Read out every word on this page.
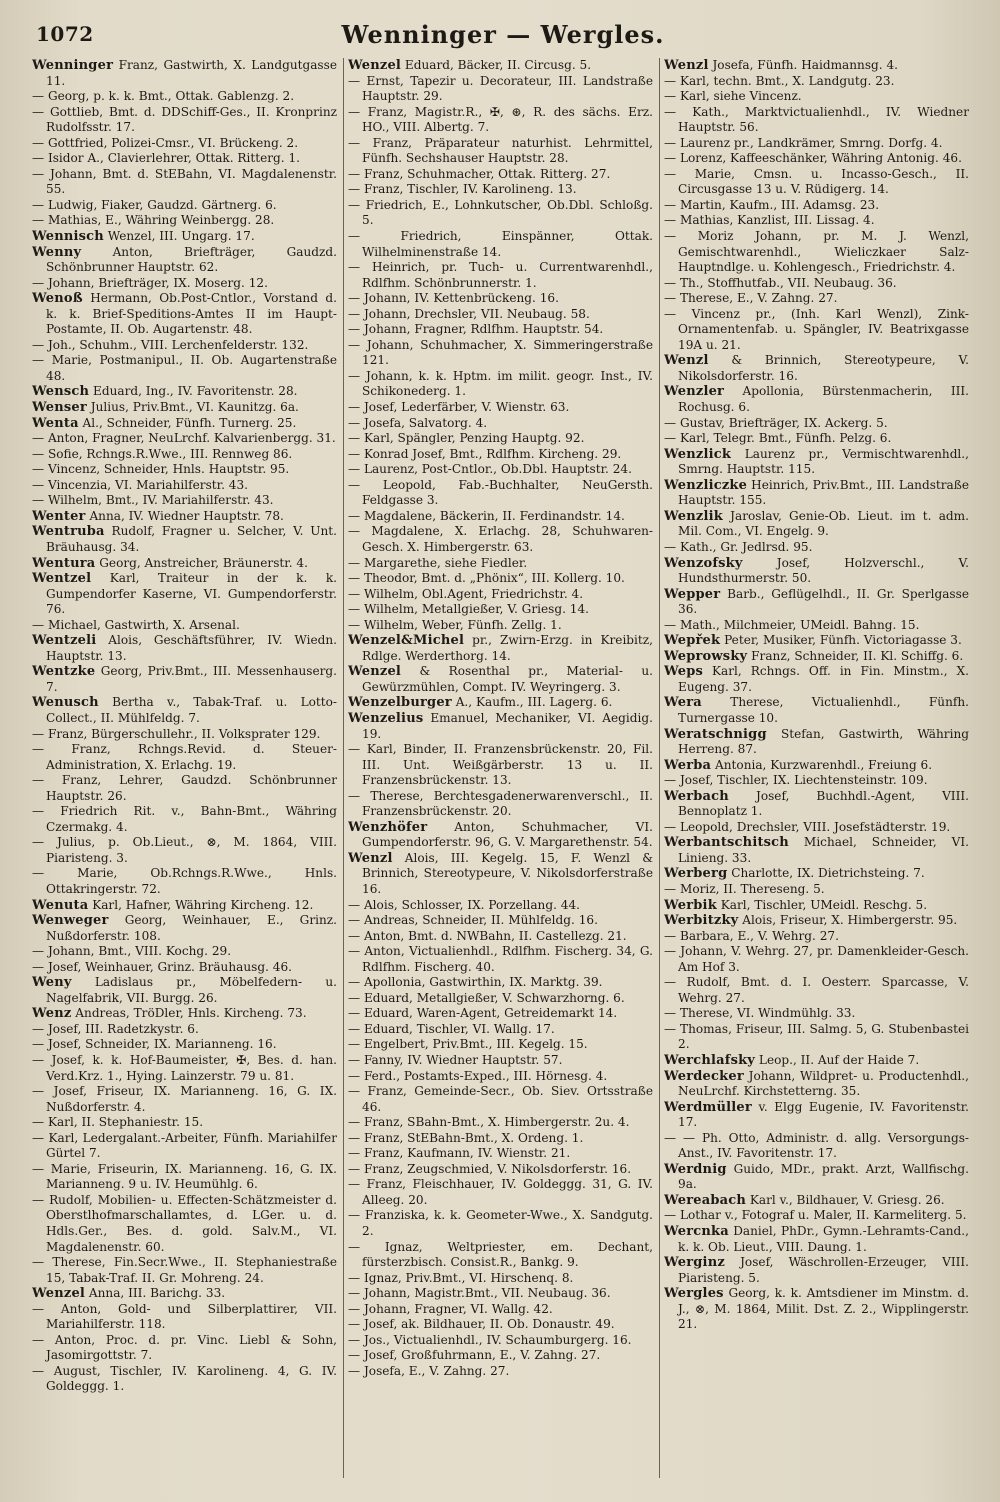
1072	Wenninger — Wergles.

Wenninger Franz, Gastwirth, X. Landgutgasse 11.

— Georg, p. k. k. Bmt., Ottak. Gablenzg. 2.

— Gottlieb, Bmt. d. DDSchiff-Ges., II. Kronprinz Rudolfsstr. 17.

— Gottfried, Polizei-Cmsr., VI. Brückeng. 2.

— Isidor A., Clavierlehrer, Ottak. Ritterg. 1.

— Johann, Bmt. d. StEBahn, VI. Magdalenenstr. 55.

— Ludwig, Fiaker, Gaudzd. Gärtnerg. 6.

— Mathias, E., Währing Weinbergg. 28.

Wennisch Wenzel, III. Ungarg. 17.

Wenny Anton, Briefträger, Gaudzd. Schönbrunner Hauptstr. 62.

— Johann, Briefträger, IX. Moserg. 12.

Wenoß Hermann, Ob.Post-Cntlor., Vorstand d. k. k. Brief-Speditions-Amtes II im Haupt-Postamte, II. Ob. Augartenstr. 48.

— Joh., Schuhm., VIII. Lerchenfelderstr. 132.

— Marie, Postmanipul., II. Ob. Augartenstraße 48.

Wensch Eduard, Ing., IV. Favoritenstr. 28.

Wenser Julius, Priv.Bmt., VI. Kaunitzg. 6a.

Wenta Al., Schneider, Fünfh. Turnerg. 25.

— Anton, Fragner, NeuLrchf. Kalvarienbergg. 31.

— Sofie, Rchngs.R.Wwe., III. Rennweg 86.

— Vincenz, Schneider, Hnls. Hauptstr. 95.

— Vincenzia, VI. Mariahilferstr. 43.

— Wilhelm, Bmt., IV. Mariahilferstr. 43.

Wenter Anna, IV. Wiedner Hauptstr. 78.

Wentruba Rudolf, Fragner u. Selcher, V. Unt. Bräuhausg. 34.

Wentura Georg, Anstreicher, Bräunerstr. 4.

Wentzel Karl, Traiteur in der k. k. Gumpendorfer Kaserne, VI. Gumpendorferstr. 76.

— Michael, Gastwirth, X. Arsenal.

Wentzeli Alois, Geschäftsführer, IV. Wiedn. Hauptstr. 13.

Wentzke Georg, Priv.Bmt., III. Messenhauserg. 7.

Wenusch Bertha v., Tabak-Traf. u. Lotto-Collect., II. Mühlfeldg. 7.

— Franz, Bürgerschullehr., II. Volksprater 129.

— Franz, Rchngs.Revid. d. Steuer-Administration, X. Erlachg. 19.

— Franz, Lehrer, Gaudzd. Schönbrunner Hauptstr. 26.

— Friedrich Rit. v., Bahn-Bmt., Währing Czermakg. 4.

— Julius, p. Ob.Lieut., ⊗, M. 1864, VIII. Piaristeng. 3.

— Marie, Ob.Rchngs.R.Wwe., Hnls. Ottakringerstr. 72.

Wenuta Karl, Hafner, Währing Kircheng. 12.

Wenweger Georg, Weinhauer, E., Grinz. Nußdorferstr. 108.

— Johann, Bmt., VIII. Kochg. 29.

— Josef, Weinhauer, Grinz. Bräuhausg. 46.

Weny Ladislaus pr., Möbelfedern- u. Nagelfabrik, VII. Burgg. 26.

Wenz Andreas, TröDler, Hnls. Kircheng. 73.

— Josef, III. Radetzkystr. 6.

— Josef, Schneider, IX. Marianneng. 16.

— Josef, k. k. Hof-Baumeister, ✠, Bes. d. han. Verd.Krz. 1., Hying. Lainzerstr. 79 u. 81.

— Josef, Friseur, IX. Marianneng. 16, G. IX. Nußdorferstr. 4.

— Karl, II. Stephaniestr. 15.

— Karl, Ledergalant.-Arbeiter, Fünfh. Mariahilfer Gürtel 7.

— Marie, Friseurin, IX. Marianneng. 16, G. IX. Marianneng. 9 u. IV. Heumühlg. 6.

— Rudolf, Mobilien- u. Effecten-Schätzmeister d. Oberstlhofmarschallamtes, d. LGer. u. d. Hdls.Ger., Bes. d. gold. Salv.M., VI. Magdalenenstr. 60.

— Therese, Fin.Secr.Wwe., II. Stephaniestraße 15, Tabak-Traf. II. Gr. Mohreng. 24.

Wenzel Anna, III. Barichg. 33.

— Anton, Gold- und Silberplattirer, VII. Mariahilferstr. 118.

— Anton, Proc. d. pr. Vinc. Liebl & Sohn, Jasomirgottstr. 7.

— August, Tischler, IV. Karolineng. 4, G. IV. Goldeggg. 1.

Wenzel Eduard, Bäcker, II. Circusg. 5.

— Ernst, Tapezir u. Decorateur, III. Landstraße Hauptstr. 29.

— Franz, Magistr.R., ✠, ⊛, R. des sächs. Erz. HO., VIII. Albertg. 7.

— Franz, Präparateur naturhist. Lehrmittel, Fünfh. Sechshauser Hauptstr. 28.

— Franz, Schuhmacher, Ottak. Ritterg. 27.

— Franz, Tischler, IV. Karolineng. 13.

— Friedrich, E., Lohnkutscher, Ob.Dbl. Schloßg. 5.

— Friedrich, Einspänner, Ottak. Wilhelminenstraße 14.

— Heinrich, pr. Tuch- u. Currentwarenhdl., Rdlfhm. Schönbrunnerstr. 1.

— Johann, IV. Kettenbrückeng. 16.

— Johann, Drechsler, VII. Neubaug. 58.

— Johann, Fragner, Rdlfhm. Hauptstr. 54.

— Johann, Schuhmacher, X. Simmeringerstraße 121.

— Johann, k. k. Hptm. im milit. geogr. Inst., IV. Schikonederg. 1.

— Josef, Lederfärber, V. Wienstr. 63.

— Josefa, Salvatorg. 4.

— Karl, Spängler, Penzing Hauptg. 92.

— Konrad Josef, Bmt., Rdlfhm. Kircheng. 29.

— Laurenz, Post-Cntlor., Ob.Dbl. Hauptstr. 24.

— Leopold, Fab.-Buchhalter, NeuGersth. Feldgasse 3.

— Magdalene, Bäckerin, II. Ferdinandstr. 14.

— Magdalene, X. Erlachg. 28, Schuhwaren-Gesch. X. Himbergerstr. 63.

— Margarethe, siehe Fiedler.

— Theodor, Bmt. d. „Phönix“, III. Kollerg. 10.

— Wilhelm, Obl.Agent, Friedrichstr. 4.

— Wilhelm, Metallgießer, V. Griesg. 14.

— Wilhelm, Weber, Fünfh. Zellg. 1.

Wenzel&Michel pr., Zwirn-Erzg. in Kreibitz, Rdlge. Werderthorg. 14.

Wenzel & Rosenthal pr., Material- u. Gewürzmühlen, Compt. IV. Weyringerg. 3.

Wenzelburger A., Kaufm., III. Lagerg. 6.

Wenzelius Emanuel, Mechaniker, VI. Aegidig. 19.

— Karl, Binder, II. Franzensbrückenstr. 20, Fil. III. Unt. Weißgärberstr. 13 u. II. Franzensbrückenstr. 13.

— Therese, Berchtesgadenerwarenverschl., II. Franzensbrückenstr. 20.

Wenzhöfer Anton, Schuhmacher, VI. Gumpendorferstr. 96, G. V. Margarethenstr. 54.

Wenzl Alois, III. Kegelg. 15, F. Wenzl & Brinnich, Stereotypeure, V. Nikolsdorferstraße 16.

— Alois, Schlosser, IX. Porzellang. 44.

— Andreas, Schneider, II. Mühlfeldg. 16.

— Anton, Bmt. d. NWBahn, II. Castellezg. 21.

— Anton, Victualienhdl., Rdlfhm. Fischerg. 34, G. Rdlfhm. Fischerg. 40.

— Apollonia, Gastwirthin, IX. Marktg. 39.

— Eduard, Metallgießer, V. Schwarzhorng. 6.

— Eduard, Waren-Agent, Getreidemarkt 14.

— Eduard, Tischler, VI. Wallg. 17.

— Engelbert, Priv.Bmt., III. Kegelg. 15.

— Fanny, IV. Wiedner Hauptstr. 57.

— Ferd., Postamts-Exped., III. Hörnesg. 4.

— Franz, Gemeinde-Secr., Ob. Siev. Ortsstraße 46.

— Franz, SBahn-Bmt., X. Himbergerstr. 2u. 4.

— Franz, StEBahn-Bmt., X. Ordeng. 1.

— Franz, Kaufmann, IV. Wienstr. 21.

— Franz, Zeugschmied, V. Nikolsdorferstr. 16.

— Franz, Fleischhauer, IV. Goldeggg. 31, G. IV. Alleeg. 20.

— Franziska, k. k. Geometer-Wwe., X. Sandgutg. 2.

— Ignaz, Weltpriester, em. Dechant, fürsterzbisch. Consist.R., Bankg. 9.

— Ignaz, Priv.Bmt., VI. Hirschenq. 8.

— Johann, Magistr.Bmt., VII. Neubaug. 36.

— Johann, Fragner, VI. Wallg. 42.

— Josef, ak. Bildhauer, II. Ob. Donaustr. 49.

— Jos., Victualienhdl., IV. Schaumburgerg. 16.

— Josef, Großfuhrmann, E., V. Zahng. 27.

— Josefa, E., V. Zahng. 27.

Wenzl Josefa, Fünfh. Haidmannsg. 4.

— Karl, techn. Bmt., X. Landgutg. 23.

— Karl, siehe Vincenz.

— Kath., Marktvictualienhdl., IV. Wiedner Hauptstr. 56.

— Laurenz pr., Landkrämer, Smrng. Dorfg. 4.

— Lorenz, Kaffeeschänker, Währing Antonig. 46.

— Marie, Cmsn. u. Incasso-Gesch., II. Circusgasse 13 u. V. Rüdigerg. 14.

— Martin, Kaufm., III. Adamsg. 23.

— Mathias, Kanzlist, III. Lissag. 4.

— Moriz Johann, pr. M. J. Wenzl, Gemischtwarenhdl., Wieliczkaer Salz-Hauptndlge. u. Kohlengesch., Friedrichstr. 4.

— Th., Stoffhutfab., VII. Neubaug. 36.

— Therese, E., V. Zahng. 27.

— Vincenz pr., (Inh. Karl Wenzl), Zink-Ornamentenfab. u. Spängler, IV. Beatrixgasse 19A u. 21.

Wenzl & Brinnich, Stereotypeure, V. Nikolsdorferstr. 16.

Wenzler Apollonia, Bürstenmacherin, III. Rochusg. 6.

— Gustav, Briefträger, IX. Ackerg. 5.

— Karl, Telegr. Bmt., Fünfh. Pelzg. 6.

Wenzlick Laurenz pr., Vermischtwarenhdl., Smrng. Hauptstr. 115.

Wenzliczke Heinrich, Priv.Bmt., III. Landstraße Hauptstr. 155.

Wenzlik Jaroslav, Genie-Ob. Lieut. im t. adm. Mil. Com., VI. Engelg. 9.

— Kath., Gr. Jedlrsd. 95.

Wenzofsky Josef, Holzverschl., V. Hundsthurmerstr. 50.

Wepper Barb., Geflügelhdl., II. Gr. Sperlgasse 36.

— Math., Milchmeier, UMeidl. Bahng. 15.

Wepřek Peter, Musiker, Fünfh. Victoriagasse 3.

Weprowsky Franz, Schneider, II. Kl. Schiffg. 6.

Weps Karl, Rchngs. Off. in Fin. Minstm., X. Eugeng. 37.

Wera Therese, Victualienhdl., Fünfh. Turnergasse 10.

Weratschnigg Stefan, Gastwirth, Währing Herreng. 87.

Werba Antonia, Kurzwarenhdl., Freiung 6.

— Josef, Tischler, IX. Liechtensteinstr. 109.

Werbach Josef, Buchhdl.-Agent, VIII. Bennoplatz 1.

— Leopold, Drechsler, VIII. Josefstädterstr. 19.

Werbantschitsch Michael, Schneider, VI. Linieng. 33.

Werberg Charlotte, IX. Dietrichsteing. 7.

— Moriz, II. Thereseng. 5.

Werbik Karl, Tischler, UMeidl. Reschg. 5.

Werbitzky Alois, Friseur, X. Himbergerstr. 95.

— Barbara, E., V. Wehrg. 27.

— Johann, V. Wehrg. 27, pr. Damenkleider-Gesch. Am Hof 3.

— Rudolf, Bmt. d. I. Oesterr. Sparcasse, V. Wehrg. 27.

— Therese, VI. Windmühlg. 33.

— Thomas, Friseur, III. Salmg. 5, G. Stubenbastei 2.

Werchlafsky Leop., II. Auf der Haide 7.

Werdecker Johann, Wildpret- u. Productenhdl., NeuLrchf. Kirchstetterng. 35.

Werdmüller v. Elgg Eugenie, IV. Favoritenstr. 17.

— — Ph. Otto, Administr. d. allg. Versorgungs-Anst., IV. Favoritenstr. 17.

Werdnig Guido, MDr., prakt. Arzt, Wallfischg. 9a.

Wereabach Karl v., Bildhauer, V. Griesg. 26.

— Lothar v., Fotograf u. Maler, II. Karmeliterg. 5.

Wercnka Daniel, PhDr., Gymn.-Lehramts-Cand., k. k. Ob. Lieut., VIII. Daung. 1.

Werginz Josef, Wäschrollen-Erzeuger, VIII. Piaristeng. 5.

Wergles Georg, k. k. Amtsdiener im Minstm. d. J., ⊗, M. 1864, Milit. Dst. Z. 2., Wipplingerstr. 21.
